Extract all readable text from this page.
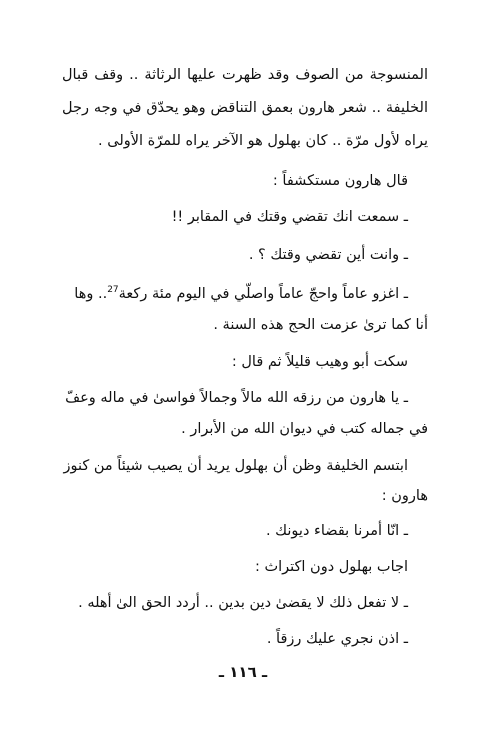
المنسوجة من الصوف وقد ظهرت عليها الرثاثة .. وقف قبال
الخليفة .. شعر هارون بعمق التناقض وهو يحدّق في وجه رجل
يراه لأول مرّة .. كان بهلول هو الآخر يراه للمرّة الأولى .
قال هارون مستكشفاً :
ـ سمعت انك تقضي وقتك في المقابر !!
ـ وانت أين تقضي وقتك ؟ .
ـ اغزو عاماً واحجّ عاماً واصلّي في اليوم مئة ركعة$^{27}$.. وها
أنا كما ترىٰ عزمت الحج هذه السنة .
سكت أبو وهيب قليلاً ثم قال :
ـ يا هارون من رزقه الله مالاً وجمالاً فواسىٰ في ماله وعفّ
في جماله كتب في ديوان الله من الأبرار .
ابتسم الخليفة وظن أن بهلول يريد أن يصيب شيئاً من كنوز
هارون :
ـ انّا أمرنا بقضاء ديونك .
اجاب بهلول دون اكتراث :
ـ لا تفعل ذلك لا يقضىٰ دين بدين .. أردد الحق الىٰ أهله .
ـ اذن نجري عليك رزقاً .
ـ ١١٦ ـ
